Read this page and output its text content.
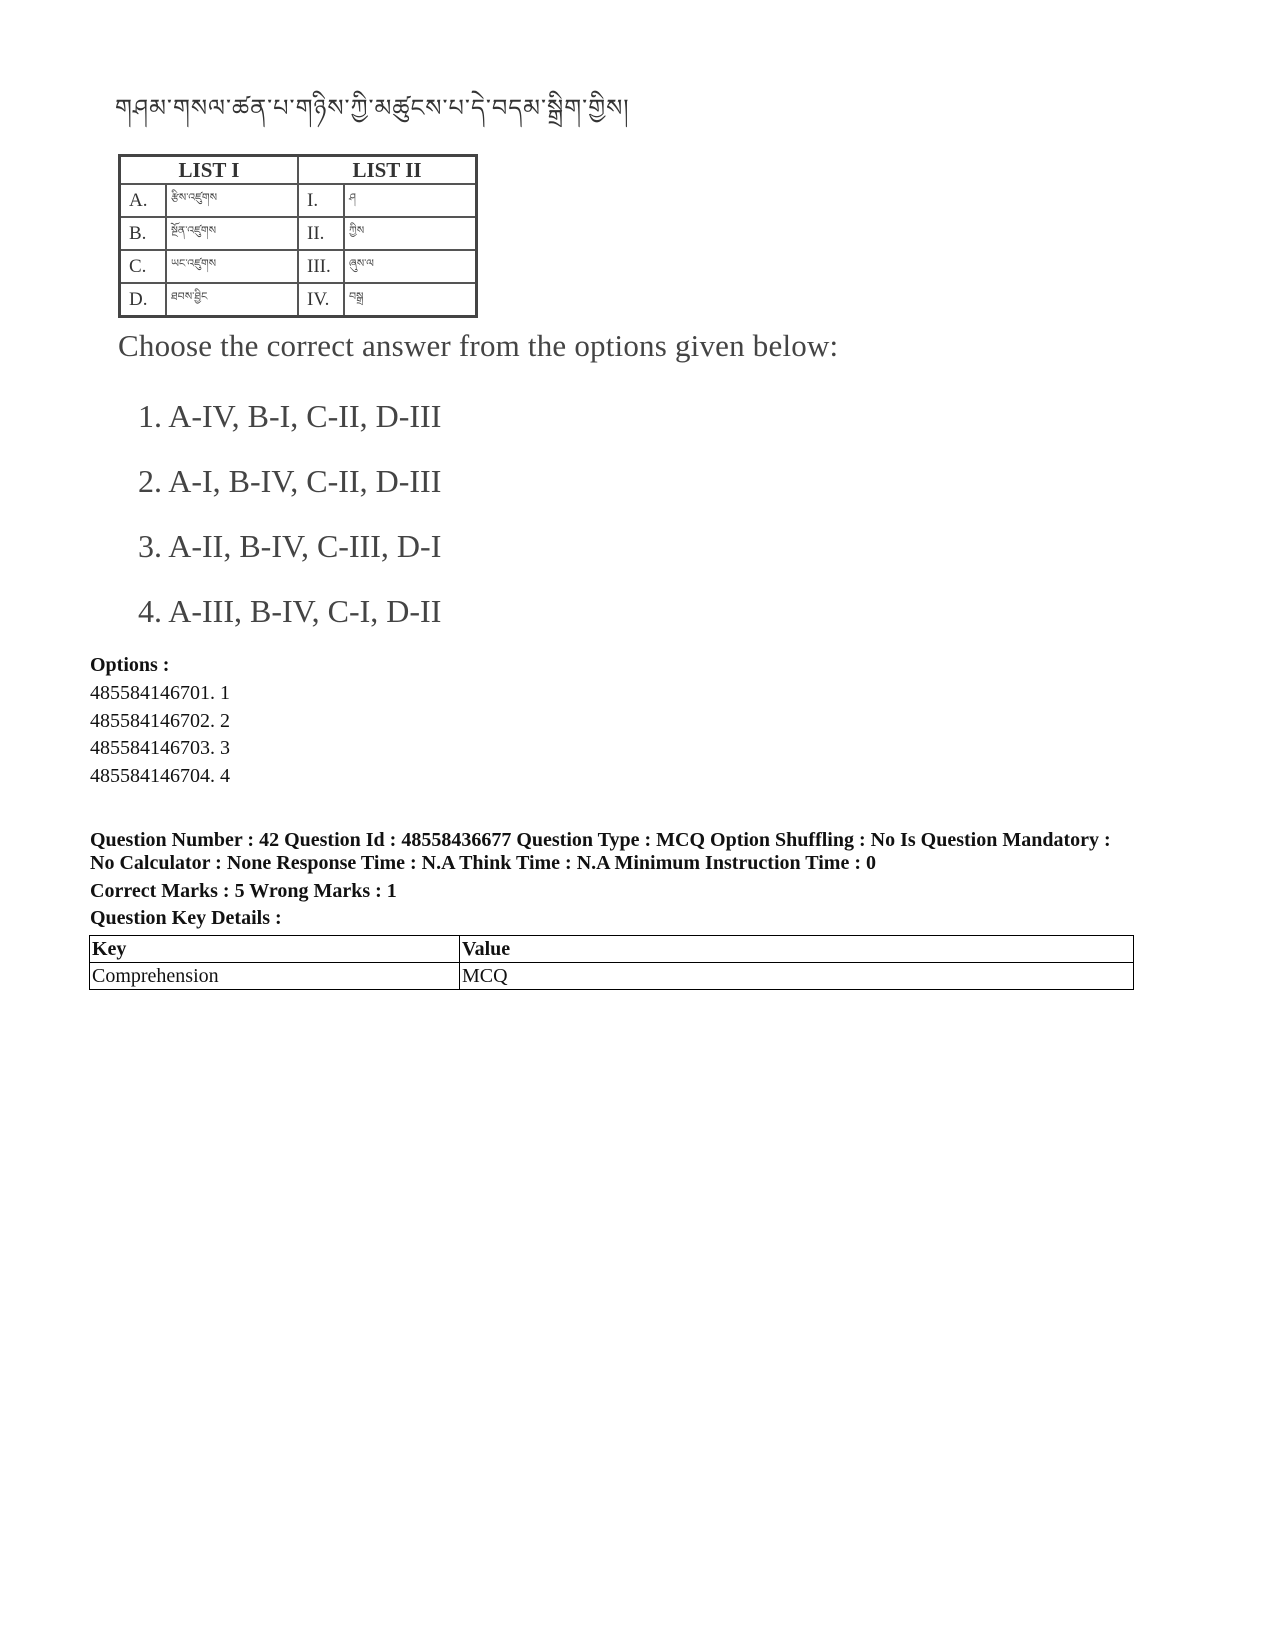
གཤམ་གསལ་ཚན་པ་གཉིས་ཀྱི་མཚུངས་པ་དེ་བདམ་སྒྲིག་གྱིས།
LIST I		LIST II	
A.	རྩིས་འཛུགས	I.	ཤ
B.	སྔོན་འཛུགས	II.	ཀྱིས
C.	ཡང་འཛུགས	III.	ཞུས་ལ
D.	ཐབས་ཐྱིང	IV.	བསྒྲ
Choose the correct answer from the options given below:
1. A-IV, B-I, C-II, D-III
2. A-I, B-IV, C-II, D-III
3. A-II, B-IV, C-III, D-I
4. A-III, B-IV, C-I, D-II
Options :
485584146701. 1
485584146702. 2
485584146703. 3
485584146704. 4
Question Number : 42 Question Id : 48558436677 Question Type : MCQ Option Shuffling : No Is Question Mandatory :
No Calculator : None Response Time : N.A Think Time : N.A Minimum Instruction Time : 0
Correct Marks : 5 Wrong Marks : 1
Question Key Details :
Key	Value
Comprehension	MCQ
